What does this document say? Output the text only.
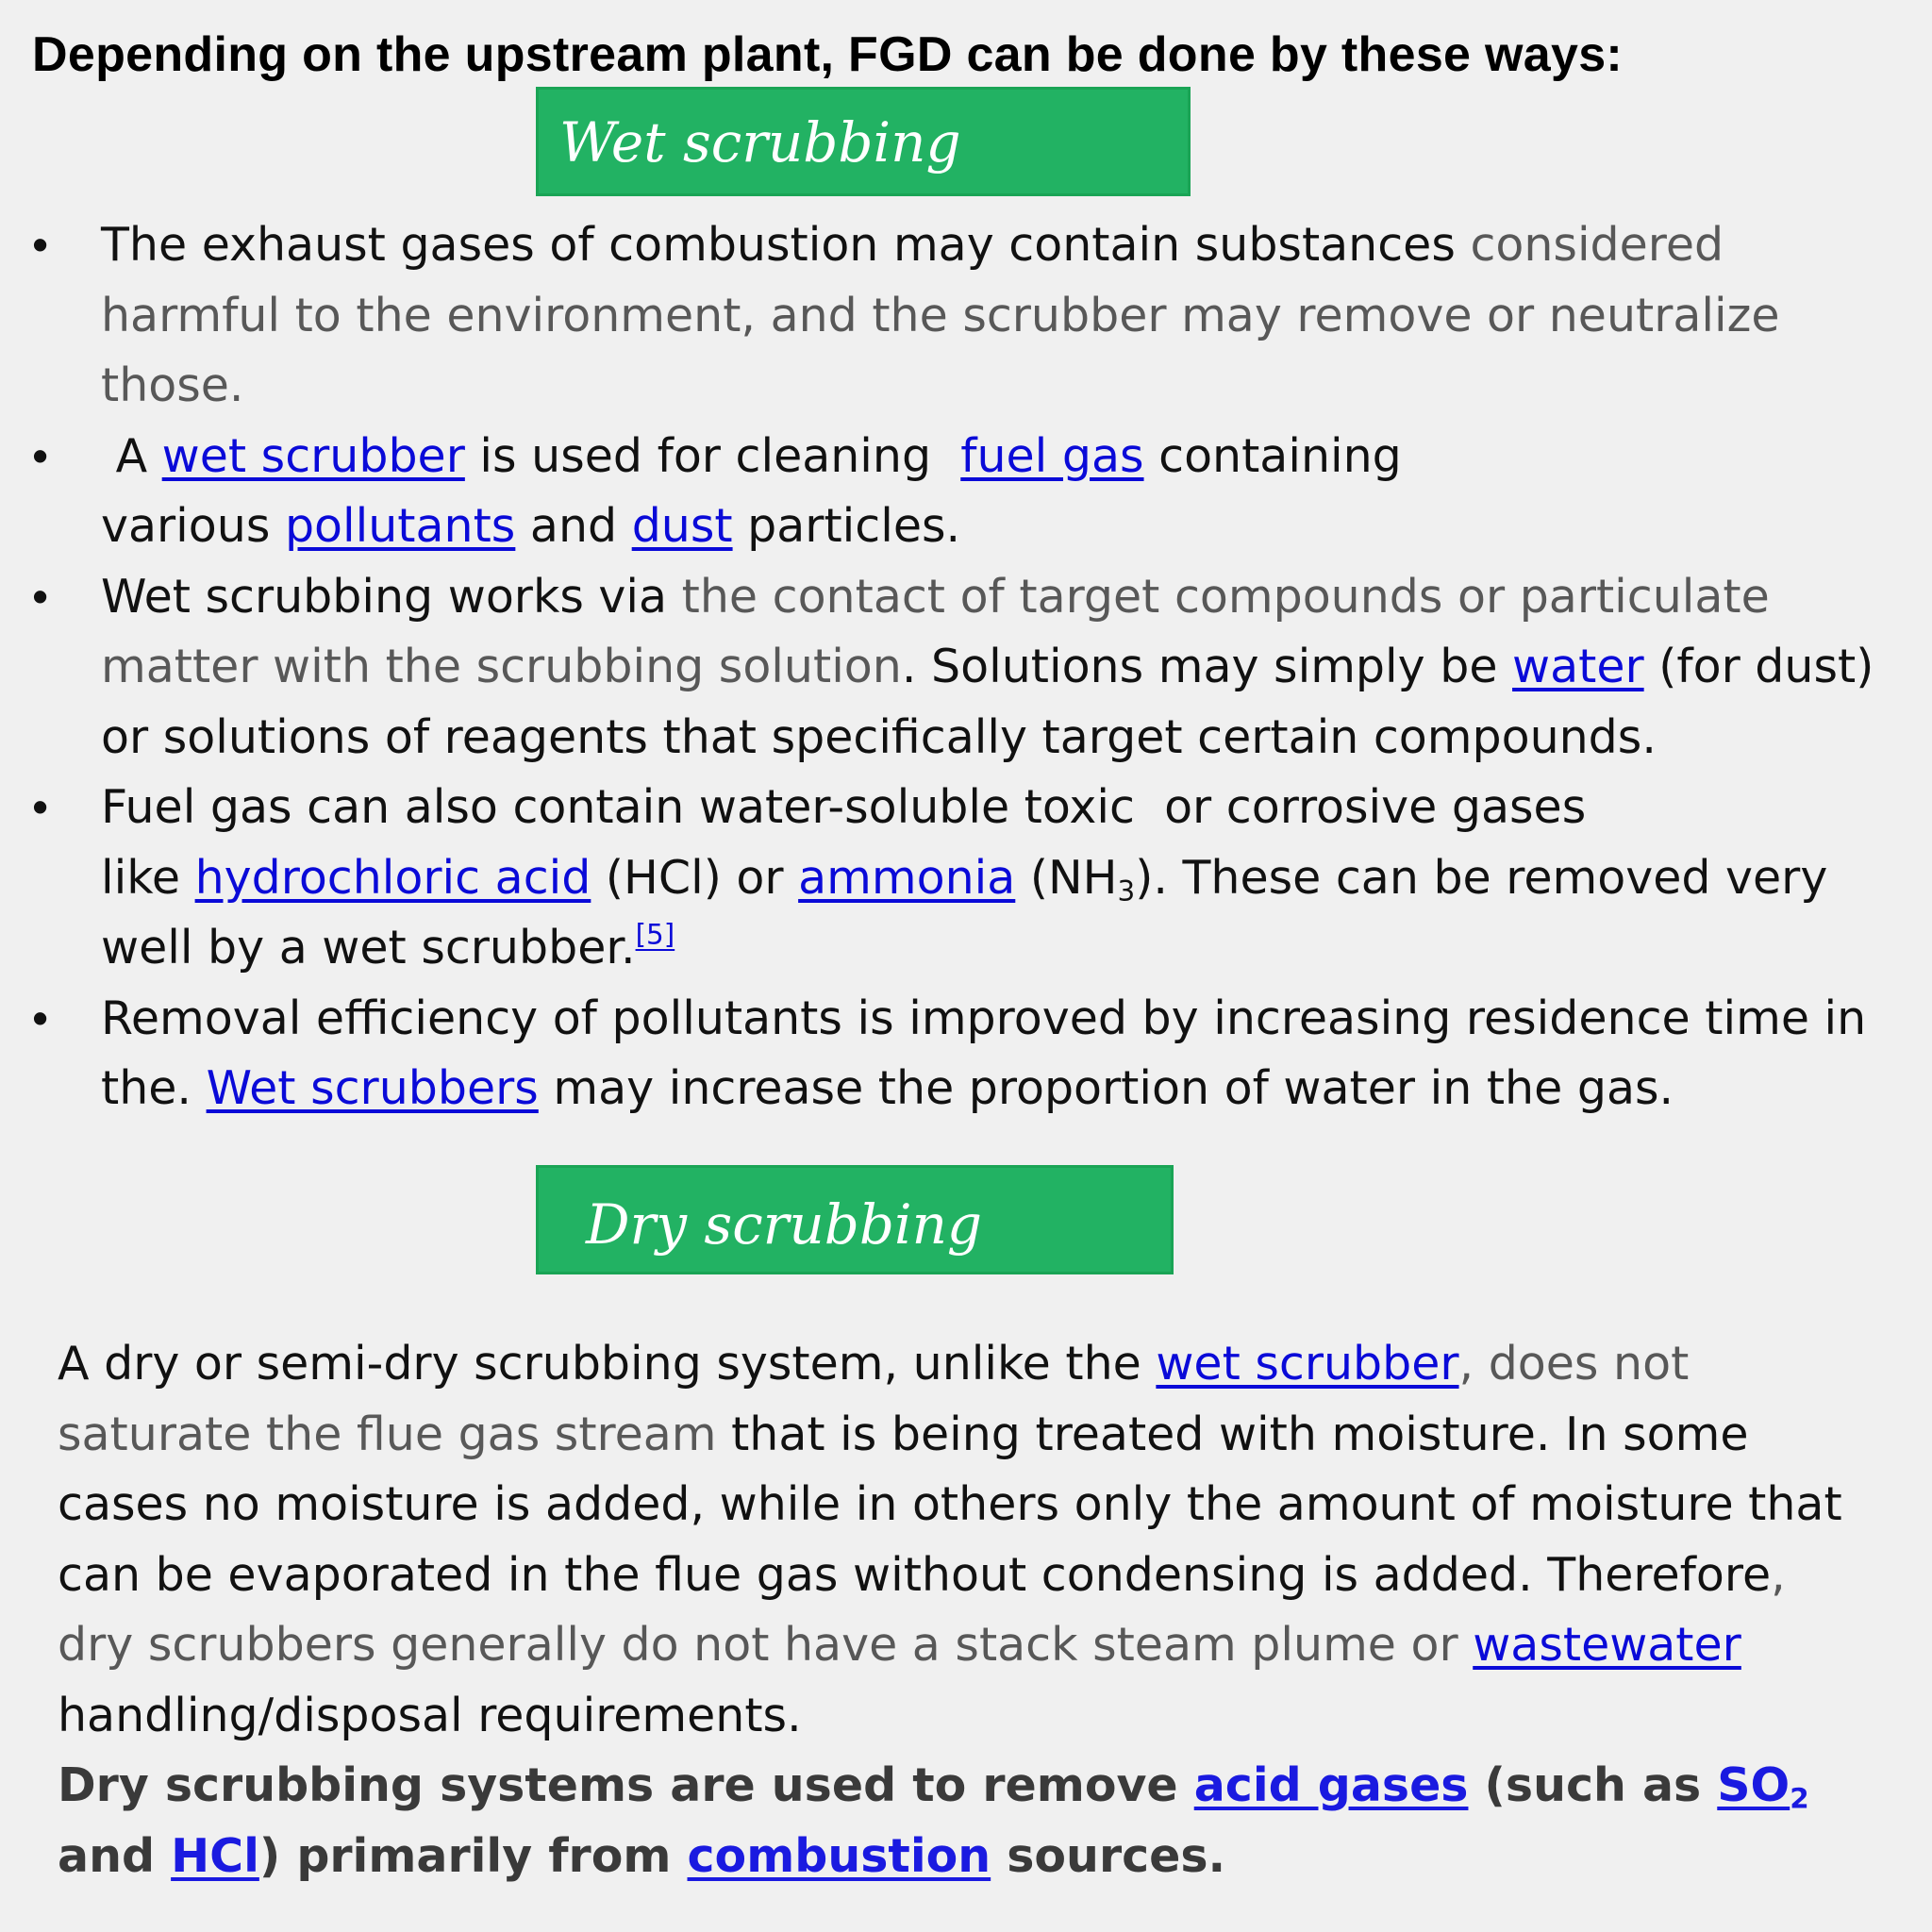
Depending on the upstream plant, FGD can be done by these ways:
Wet scrubbing
•	The exhaust gases of combustion may contain substances considered harmful to the environment, and the scrubber may remove or neutralize those.
•	A wet scrubber is used for cleaning  fuel gas containing
various pollutants and dust particles.
•	Wet scrubbing works via the contact of target compounds or particulate matter with the scrubbing solution. Solutions may simply be water (for dust) or solutions of reagents that specifically target certain compounds.
•	Fuel gas can also contain water-soluble toxic  or corrosive gases
like hydrochloric acid (HCl) or ammonia $(NH_3)$. These can be removed very well by a wet scrubber.[5]
•	Removal efficiency of pollutants is improved by increasing residence time in the. Wet scrubbers may increase the proportion of water in the gas.
Dry scrubbing
A dry or semi-dry scrubbing system, unlike the wet scrubber, does not saturate the flue gas stream that is being treated with moisture. In some cases no moisture is added, while in others only the amount of moisture that can be evaporated in the flue gas without condensing is added. Therefore, dry scrubbers generally do not have a stack steam plume or wastewater handling/disposal requirements.
Dry scrubbing systems are used to remove acid gases (such as $SO_2$ and HCl) primarily from combustion sources.
